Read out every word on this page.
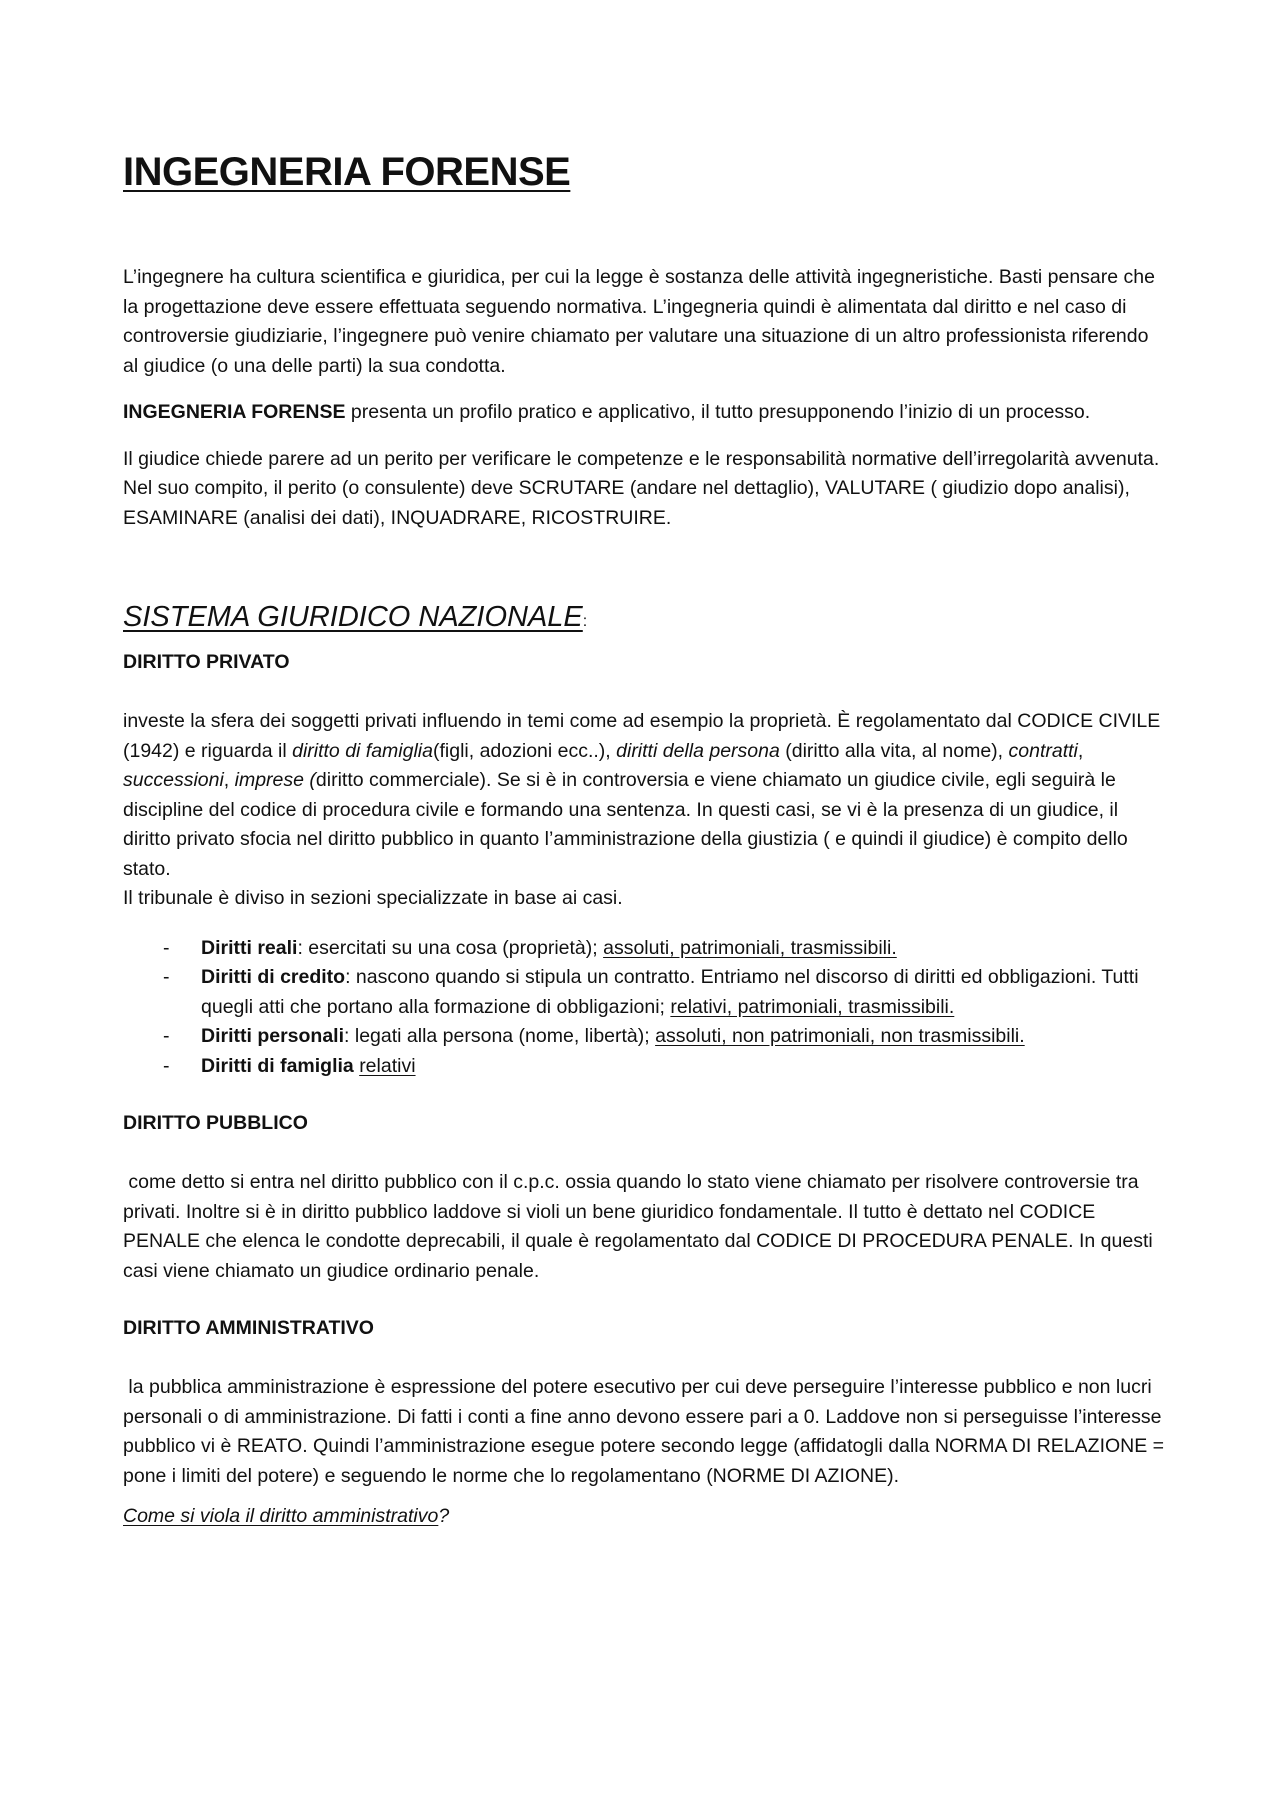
INGEGNERIA FORENSE

L’ingegnere ha cultura scientifica e giuridica, per cui la legge è sostanza delle attività ingegneristiche. Basti pensare che la progettazione deve essere effettuata seguendo normativa. L’ingegneria quindi è alimentata dal diritto e nel caso di controversie giudiziarie, l’ingegnere può venire chiamato per valutare una situazione di un altro professionista riferendo al giudice (o una delle parti) la sua condotta.

INGEGNERIA FORENSE presenta un profilo pratico e applicativo, il tutto presupponendo l’inizio di un processo.

Il giudice chiede parere ad un perito per verificare le competenze e le responsabilità normative dell’irregolarità avvenuta. Nel suo compito, il perito (o consulente) deve SCRUTARE (andare nel dettaglio), VALUTARE ( giudizio dopo analisi), ESAMINARE (analisi dei dati), INQUADRARE, RICOSTRUIRE.

SISTEMA GIURIDICO NAZIONALE:
DIRITTO PRIVATO

investe la sfera dei soggetti privati influendo in temi come ad esempio la proprietà. È regolamentato dal CODICE CIVILE (1942) e riguarda il diritto di famiglia(figli, adozioni ecc..), diritti della persona (diritto alla vita, al nome), contratti, successioni, imprese (diritto commerciale). Se si è in controversia e viene chiamato un giudice civile, egli seguirà le discipline del codice di procedura civile e formando una sentenza. In questi casi, se vi è la presenza di un giudice, il diritto privato sfocia nel diritto pubblico in quanto l’amministrazione della giustizia ( e quindi il giudice) è compito dello stato.
Il tribunale è diviso in sezioni specializzate in base ai casi.

- Diritti reali: esercitati su una cosa (proprietà); assoluti, patrimoniali, trasmissibili.
- Diritti di credito: nascono quando si stipula un contratto. Entriamo nel discorso di diritti ed obbligazioni. Tutti quegli atti che portano alla formazione di obbligazioni; relativi, patrimoniali, trasmissibili.
- Diritti personali: legati alla persona (nome, libertà); assoluti, non patrimoniali, non trasmissibili.
- Diritti di famiglia relativi
DIRITTO PUBBLICO

come detto si entra nel diritto pubblico con il c.p.c. ossia quando lo stato viene chiamato per risolvere controversie tra privati. Inoltre si è in diritto pubblico laddove si violi un bene giuridico fondamentale. Il tutto è dettato nel CODICE PENALE che elenca le condotte deprecabili, il quale è regolamentato dal CODICE DI PROCEDURA PENALE. In questi casi viene chiamato un giudice ordinario penale.

DIRITTO AMMINISTRATIVO

la pubblica amministrazione è espressione del potere esecutivo per cui deve perseguire l’interesse pubblico e non lucri personali o di amministrazione. Di fatti i conti a fine anno devono essere pari a 0. Laddove non si perseguisse l’interesse pubblico vi è REATO. Quindi l’amministrazione esegue potere secondo legge (affidatogli dalla NORMA DI RELAZIONE = pone i limiti del potere) e seguendo le norme che lo regolamentano (NORME DI AZIONE).

Come si viola il diritto amministrativo?
